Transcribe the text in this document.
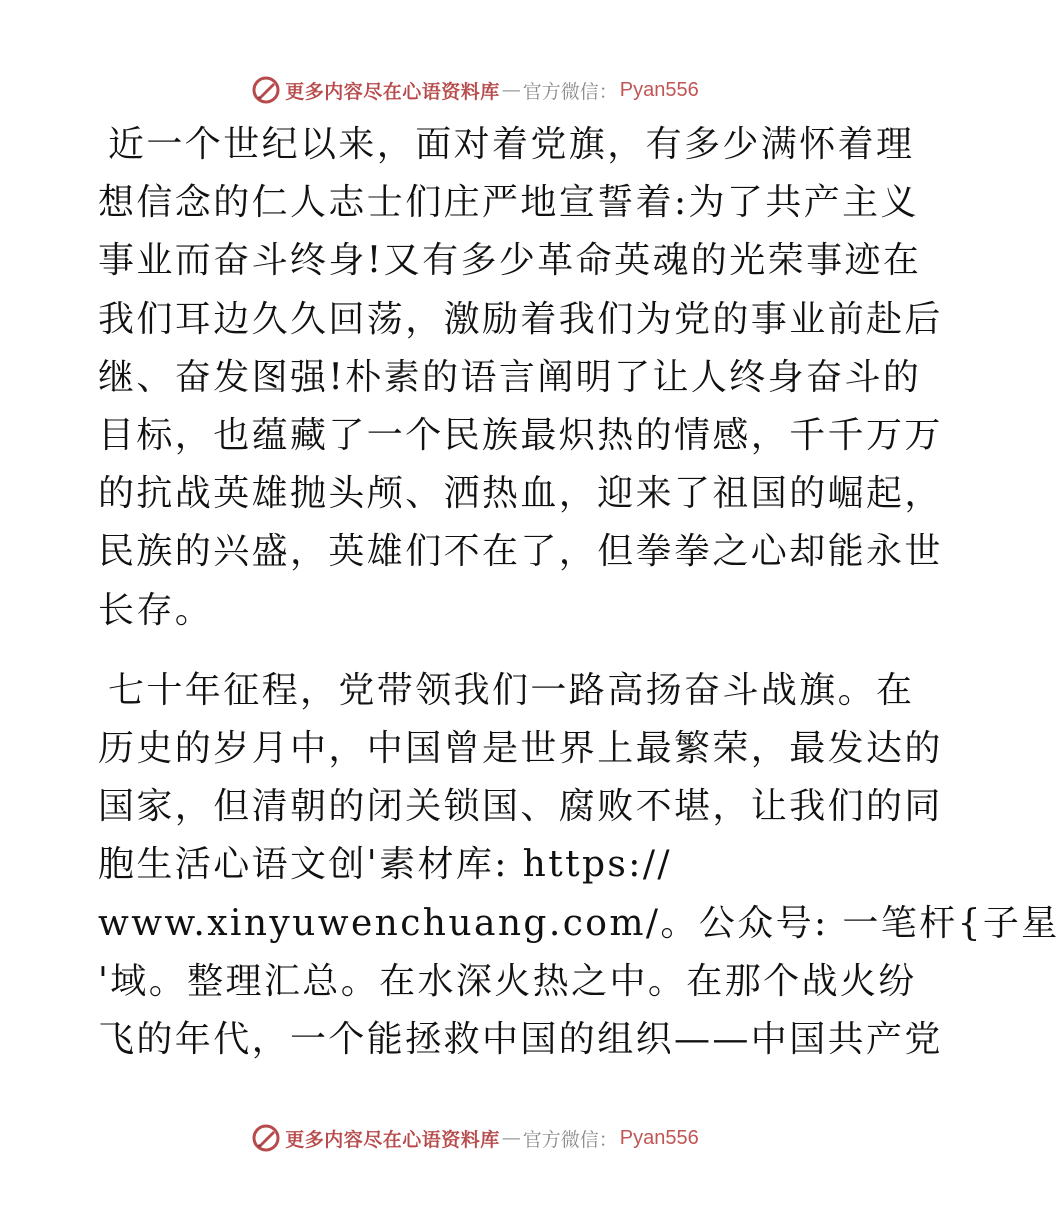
更多内容尽在心语资料库 — 官方微信： Pyan556

近一个世纪以来，面对着党旗，有多少满怀着理
想信念的仁人志士们庄严地宣誓着:为了共产主义
事业而奋斗终身!又有多少革命英魂的光荣事迹在
我们耳边久久回荡，激励着我们为党的事业前赴后
继、奋发图强!朴素的语言阐明了让人终身奋斗的
目标，也蕴藏了一个民族最炽热的情感，千千万万
的抗战英雄抛头颅、洒热血，迎来了祖国的崛起，
民族的兴盛，英雄们不在了，但拳拳之心却能永世
长存。

七十年征程，党带领我们一路高扬奋斗战旗。在
历史的岁月中，中国曾是世界上最繁荣，最发达的
国家，但清朝的闭关锁国、腐败不堪，让我们的同
胞生活心语文创'素材库: https://
www.xinyuwenchuang.com/。公众号: 一笔杆{子星
'域。整理汇总。在水深火热之中。在那个战火纷
飞的年代，一个能拯救中国的组织——中国共产党

更多内容尽在心语资料库 — 官方微信： Pyan556
